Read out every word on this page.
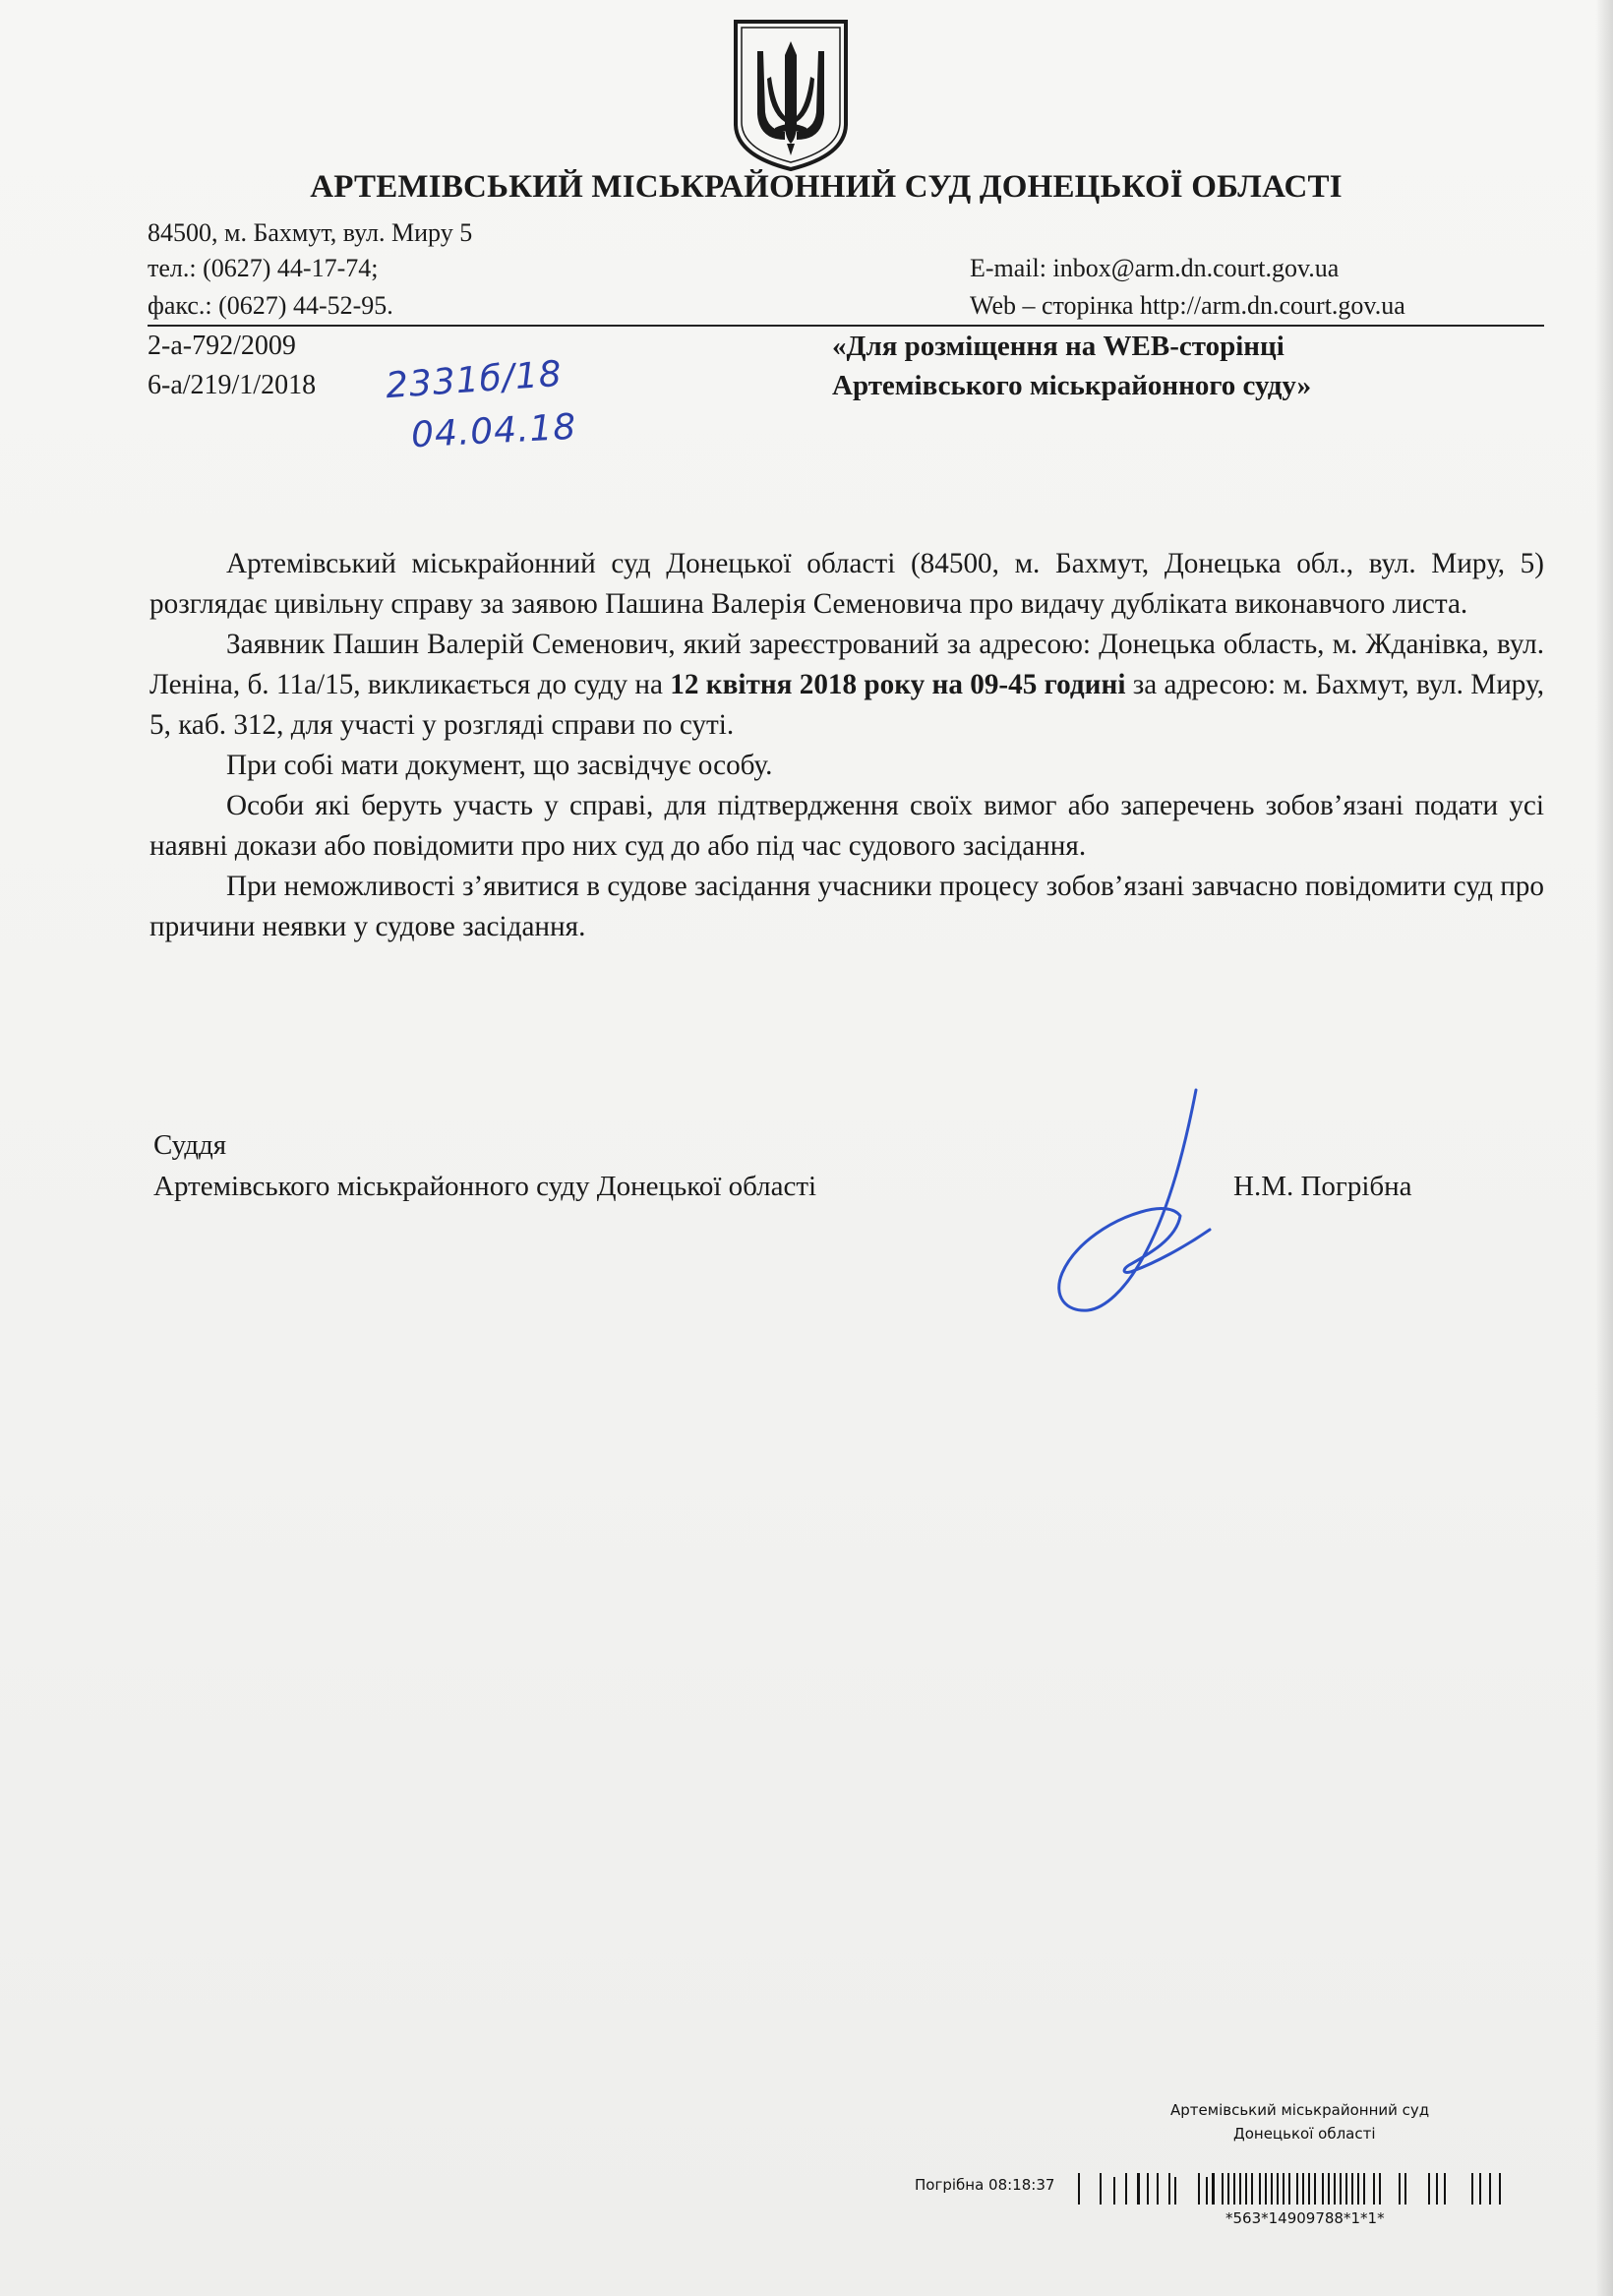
АРТЕМІВСЬКИЙ МІСЬКРАЙОННИЙ СУД ДОНЕЦЬКОЇ ОБЛАСТІ
84500, м. Бахмут, вул. Миру 5
тел.: (0627) 44-17-74;
факс.: (0627) 44-52-95.
E-mail: inbox@arm.dn.court.gov.ua
Web – сторінка http://arm.dn.court.gov.ua
2-а-792/2009
6-а/219/1/2018 2331б/18
04.04.18
«Для розміщення на WEB-сторінці
Артемівського міськрайонного суду»

Артемівський міськрайонний суд Донецької області (84500, м. Бахмут, Донецька обл., вул. Миру, 5) розглядає цивільну справу за заявою Пашина Валерія Семеновича про видачу дубліката виконавчого листа.

Заявник Пашин Валерій Семенович, який зареєстрований за адресою: Донецька область, м. Жданівка, вул. Леніна, б. 11а/15, викликається до суду на 12 квітня 2018 року на 09-45 годині за адресою: м. Бахмут, вул. Миру, 5, каб. 312, для участі у розгляді справи по суті.

При собі мати документ, що засвідчує особу.

Особи які беруть участь у справі, для підтвердження своїх вимог або заперечень зобов’язані подати усі наявні докази або повідомити про них суд до або під час судового засідання.

При неможливості з’явитися в судове засідання учасники процесу зобов’язані завчасно повідомити суд про причини неявки у судове засідання.

Суддя
Артемівського міськрайонного суду Донецької області	Н.М. Погрібна
Артемівський міськрайонний суд
Донецької області
Погрібна 08:18:37
*563*14909788*1*1*
